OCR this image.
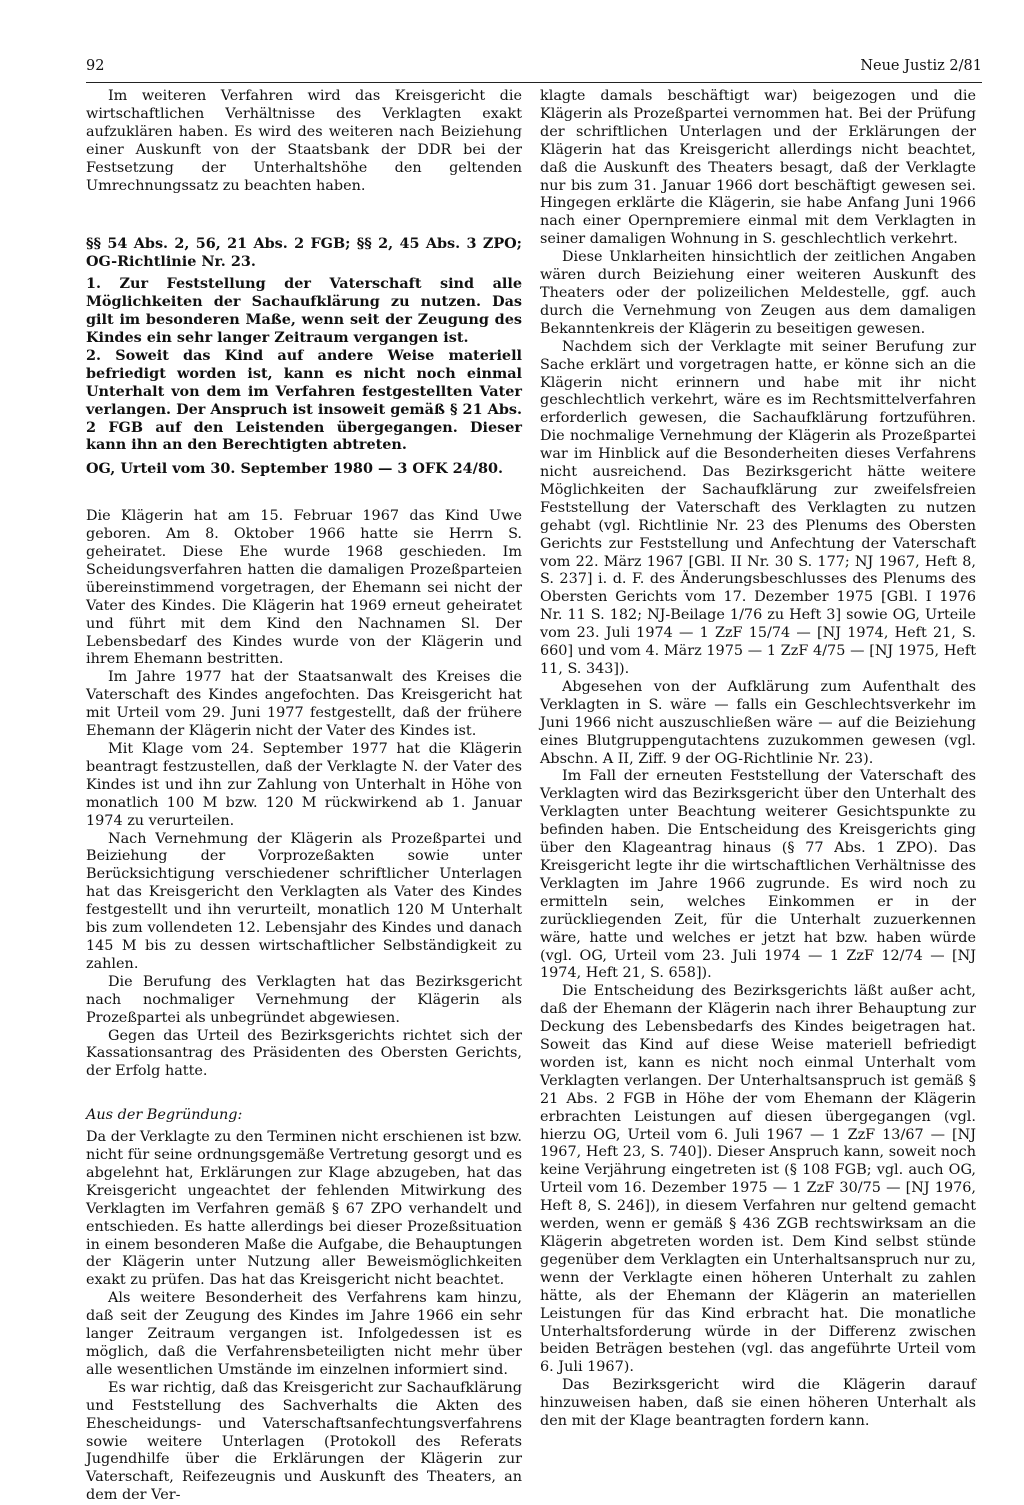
92	Neue Justiz 2/81

Im weiteren Verfahren wird das Kreisgericht die wirtschaftlichen Verhältnisse des Verklagten exakt aufzuklären haben. Es wird des weiteren nach Beiziehung einer Auskunft von der Staatsbank der DDR bei der Festsetzung der Unterhaltshöhe den geltenden Umrechnungssatz zu beachten haben.

§§ 54 Abs. 2, 56, 21 Abs. 2 FGB; §§ 2, 45 Abs. 3 ZPO; OG-Richtlinie Nr. 23.

1. Zur Feststellung der Vaterschaft sind alle Möglichkeiten der Sachaufklärung zu nutzen. Das gilt im besonderen Maße, wenn seit der Zeugung des Kindes ein sehr langer Zeitraum vergangen ist.

2. Soweit das Kind auf andere Weise materiell befriedigt worden ist, kann es nicht noch einmal Unterhalt von dem im Verfahren festgestellten Vater verlangen. Der Anspruch ist insoweit gemäß § 21 Abs. 2 FGB auf den Leistenden übergegangen. Dieser kann ihn an den Berechtigten abtreten.

OG, Urteil vom 30. September 1980 — 3 OFK 24/80.

Die Klägerin hat am 15. Februar 1967 das Kind Uwe geboren. Am 8. Oktober 1966 hatte sie Herrn S. geheiratet. Diese Ehe wurde 1968 geschieden. Im Scheidungsverfahren hatten die damaligen Prozeßparteien übereinstimmend vorgetragen, der Ehemann sei nicht der Vater des Kindes. Die Klägerin hat 1969 erneut geheiratet und führt mit dem Kind den Nachnamen Sl. Der Lebensbedarf des Kindes wurde von der Klägerin und ihrem Ehemann bestritten.

Im Jahre 1977 hat der Staatsanwalt des Kreises die Vaterschaft des Kindes angefochten. Das Kreisgericht hat mit Urteil vom 29. Juni 1977 festgestellt, daß der frühere Ehemann der Klägerin nicht der Vater des Kindes ist.

Mit Klage vom 24. September 1977 hat die Klägerin beantragt festzustellen, daß der Verklagte N. der Vater des Kindes ist und ihn zur Zahlung von Unterhalt in Höhe von monatlich 100 M bzw. 120 M rückwirkend ab 1. Januar 1974 zu verurteilen.

Nach Vernehmung der Klägerin als Prozeßpartei und Beiziehung der Vorprozeßakten sowie unter Berücksichtigung verschiedener schriftlicher Unterlagen hat das Kreisgericht den Verklagten als Vater des Kindes festgestellt und ihn verurteilt, monatlich 120 M Unterhalt bis zum vollendeten 12. Lebensjahr des Kindes und danach 145 M bis zu dessen wirtschaftlicher Selbständigkeit zu zahlen.

Die Berufung des Verklagten hat das Bezirksgericht nach nochmaliger Vernehmung der Klägerin als Prozeßpartei als unbegründet abgewiesen.

Gegen das Urteil des Bezirksgerichts richtet sich der Kassationsantrag des Präsidenten des Obersten Gerichts, der Erfolg hatte.

Aus der Begründung:

Da der Verklagte zu den Terminen nicht erschienen ist bzw. nicht für seine ordnungsgemäße Vertretung gesorgt und es abgelehnt hat, Erklärungen zur Klage abzugeben, hat das Kreisgericht ungeachtet der fehlenden Mitwirkung des Verklagten im Verfahren gemäß § 67 ZPO verhandelt und entschieden. Es hatte allerdings bei dieser Prozeßsituation in einem besonderen Maße die Aufgabe, die Behauptungen der Klägerin unter Nutzung aller Beweismöglichkeiten exakt zu prüfen. Das hat das Kreisgericht nicht beachtet.

Als weitere Besonderheit des Verfahrens kam hinzu, daß seit der Zeugung des Kindes im Jahre 1966 ein sehr langer Zeitraum vergangen ist. Infolgedessen ist es möglich, daß die Verfahrensbeteiligten nicht mehr über alle wesentlichen Umstände im einzelnen informiert sind.

Es war richtig, daß das Kreisgericht zur Sachaufklärung und Feststellung des Sachverhalts die Akten des Ehescheidungs- und Vaterschaftsanfechtungsverfahrens sowie weitere Unterlagen (Protokoll des Referats Jugendhilfe über die Erklärungen der Klägerin zur Vaterschaft, Reifezeugnis und Auskunft des Theaters, an dem der Ver-

klagte damals beschäftigt war) beigezogen und die Klägerin als Prozeßpartei vernommen hat. Bei der Prüfung der schriftlichen Unterlagen und der Erklärungen der Klägerin hat das Kreisgericht allerdings nicht beachtet, daß die Auskunft des Theaters besagt, daß der Verklagte nur bis zum 31. Januar 1966 dort beschäftigt gewesen sei. Hingegen erklärte die Klägerin, sie habe Anfang Juni 1966 nach einer Opernpremiere einmal mit dem Verklagten in seiner damaligen Wohnung in S. geschlechtlich verkehrt.

Diese Unklarheiten hinsichtlich der zeitlichen Angaben wären durch Beiziehung einer weiteren Auskunft des Theaters oder der polizeilichen Meldestelle, ggf. auch durch die Vernehmung von Zeugen aus dem damaligen Bekanntenkreis der Klägerin zu beseitigen gewesen.

Nachdem sich der Verklagte mit seiner Berufung zur Sache erklärt und vorgetragen hatte, er könne sich an die Klägerin nicht erinnern und habe mit ihr nicht geschlechtlich verkehrt, wäre es im Rechtsmittelverfahren erforderlich gewesen, die Sachaufklärung fortzuführen. Die nochmalige Vernehmung der Klägerin als Prozeßpartei war im Hinblick auf die Besonderheiten dieses Verfahrens nicht ausreichend. Das Bezirksgericht hätte weitere Möglichkeiten der Sachaufklärung zur zweifelsfreien Feststellung der Vaterschaft des Verklagten zu nutzen gehabt (vgl. Richtlinie Nr. 23 des Plenums des Obersten Gerichts zur Feststellung und Anfechtung der Vaterschaft vom 22. März 1967 [GBl. II Nr. 30 S. 177; NJ 1967, Heft 8, S. 237] i. d. F. des Änderungsbeschlusses des Plenums des Obersten Gerichts vom 17. Dezember 1975 [GBl. I 1976 Nr. 11 S. 182; NJ-Beilage 1/76 zu Heft 3] sowie OG, Urteile vom 23. Juli 1974 — 1 ZzF 15/74 — [NJ 1974, Heft 21, S. 660] und vom 4. März 1975 — 1 ZzF 4/75 — [NJ 1975, Heft 11, S. 343]).

Abgesehen von der Aufklärung zum Aufenthalt des Verklagten in S. wäre — falls ein Geschlechtsverkehr im Juni 1966 nicht auszuschließen wäre — auf die Beiziehung eines Blutgruppengutachtens zuzukommen gewesen (vgl. Abschn. A II, Ziff. 9 der OG-Richtlinie Nr. 23).

Im Fall der erneuten Feststellung der Vaterschaft des Verklagten wird das Bezirksgericht über den Unterhalt des Verklagten unter Beachtung weiterer Gesichtspunkte zu befinden haben. Die Entscheidung des Kreisgerichts ging über den Klageantrag hinaus (§ 77 Abs. 1 ZPO). Das Kreisgericht legte ihr die wirtschaftlichen Verhältnisse des Verklagten im Jahre 1966 zugrunde. Es wird noch zu ermitteln sein, welches Einkommen er in der zurückliegenden Zeit, für die Unterhalt zuzuerkennen wäre, hatte und welches er jetzt hat bzw. haben würde (vgl. OG, Urteil vom 23. Juli 1974 — 1 ZzF 12/74 — [NJ 1974, Heft 21, S. 658]).

Die Entscheidung des Bezirksgerichts läßt außer acht, daß der Ehemann der Klägerin nach ihrer Behauptung zur Deckung des Lebensbedarfs des Kindes beigetragen hat. Soweit das Kind auf diese Weise materiell befriedigt worden ist, kann es nicht noch einmal Unterhalt vom Verklagten verlangen. Der Unterhaltsanspruch ist gemäß § 21 Abs. 2 FGB in Höhe der vom Ehemann der Klägerin erbrachten Leistungen auf diesen übergegangen (vgl. hierzu OG, Urteil vom 6. Juli 1967 — 1 ZzF 13/67 — [NJ 1967, Heft 23, S. 740]). Dieser Anspruch kann, soweit noch keine Verjährung eingetreten ist (§ 108 FGB; vgl. auch OG, Urteil vom 16. Dezember 1975 — 1 ZzF 30/75 — [NJ 1976, Heft 8, S. 246]), in diesem Verfahren nur geltend gemacht werden, wenn er gemäß § 436 ZGB rechtswirksam an die Klägerin abgetreten worden ist. Dem Kind selbst stünde gegenüber dem Verklagten ein Unterhaltsanspruch nur zu, wenn der Verklagte einen höheren Unterhalt zu zahlen hätte, als der Ehemann der Klägerin an materiellen Leistungen für das Kind erbracht hat. Die monatliche Unterhaltsforderung würde in der Differenz zwischen beiden Beträgen bestehen (vgl. das angeführte Urteil vom 6. Juli 1967).

Das Bezirksgericht wird die Klägerin darauf hinzuweisen haben, daß sie einen höheren Unterhalt als den mit der Klage beantragten fordern kann.
